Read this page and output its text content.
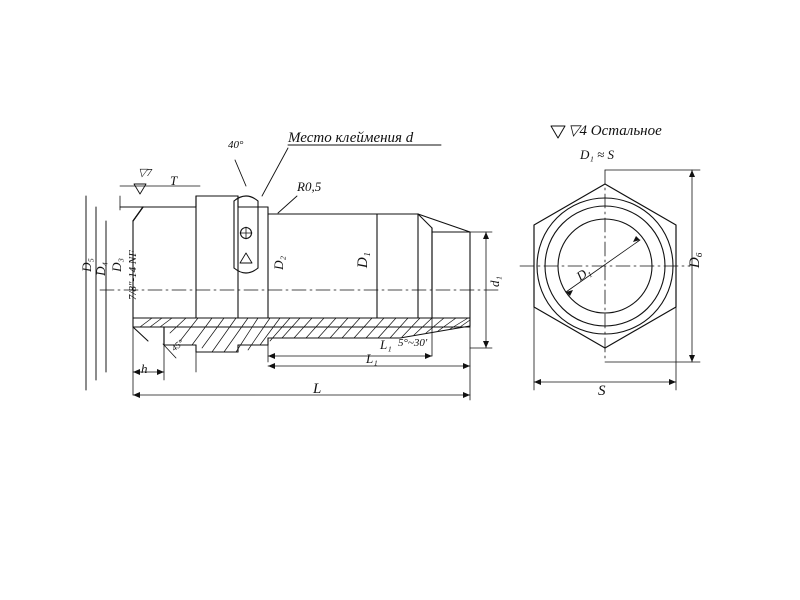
Место клеймения d	▽4 Остальное
D₁ ≈ S
R0,5
40°
5°~30'
7/8"-14 NF
45°
▽7 T
D₅ D₄ D₃	D₂	D₁
d₁
h
L
L₁
L₁
D₁
D₆
S
